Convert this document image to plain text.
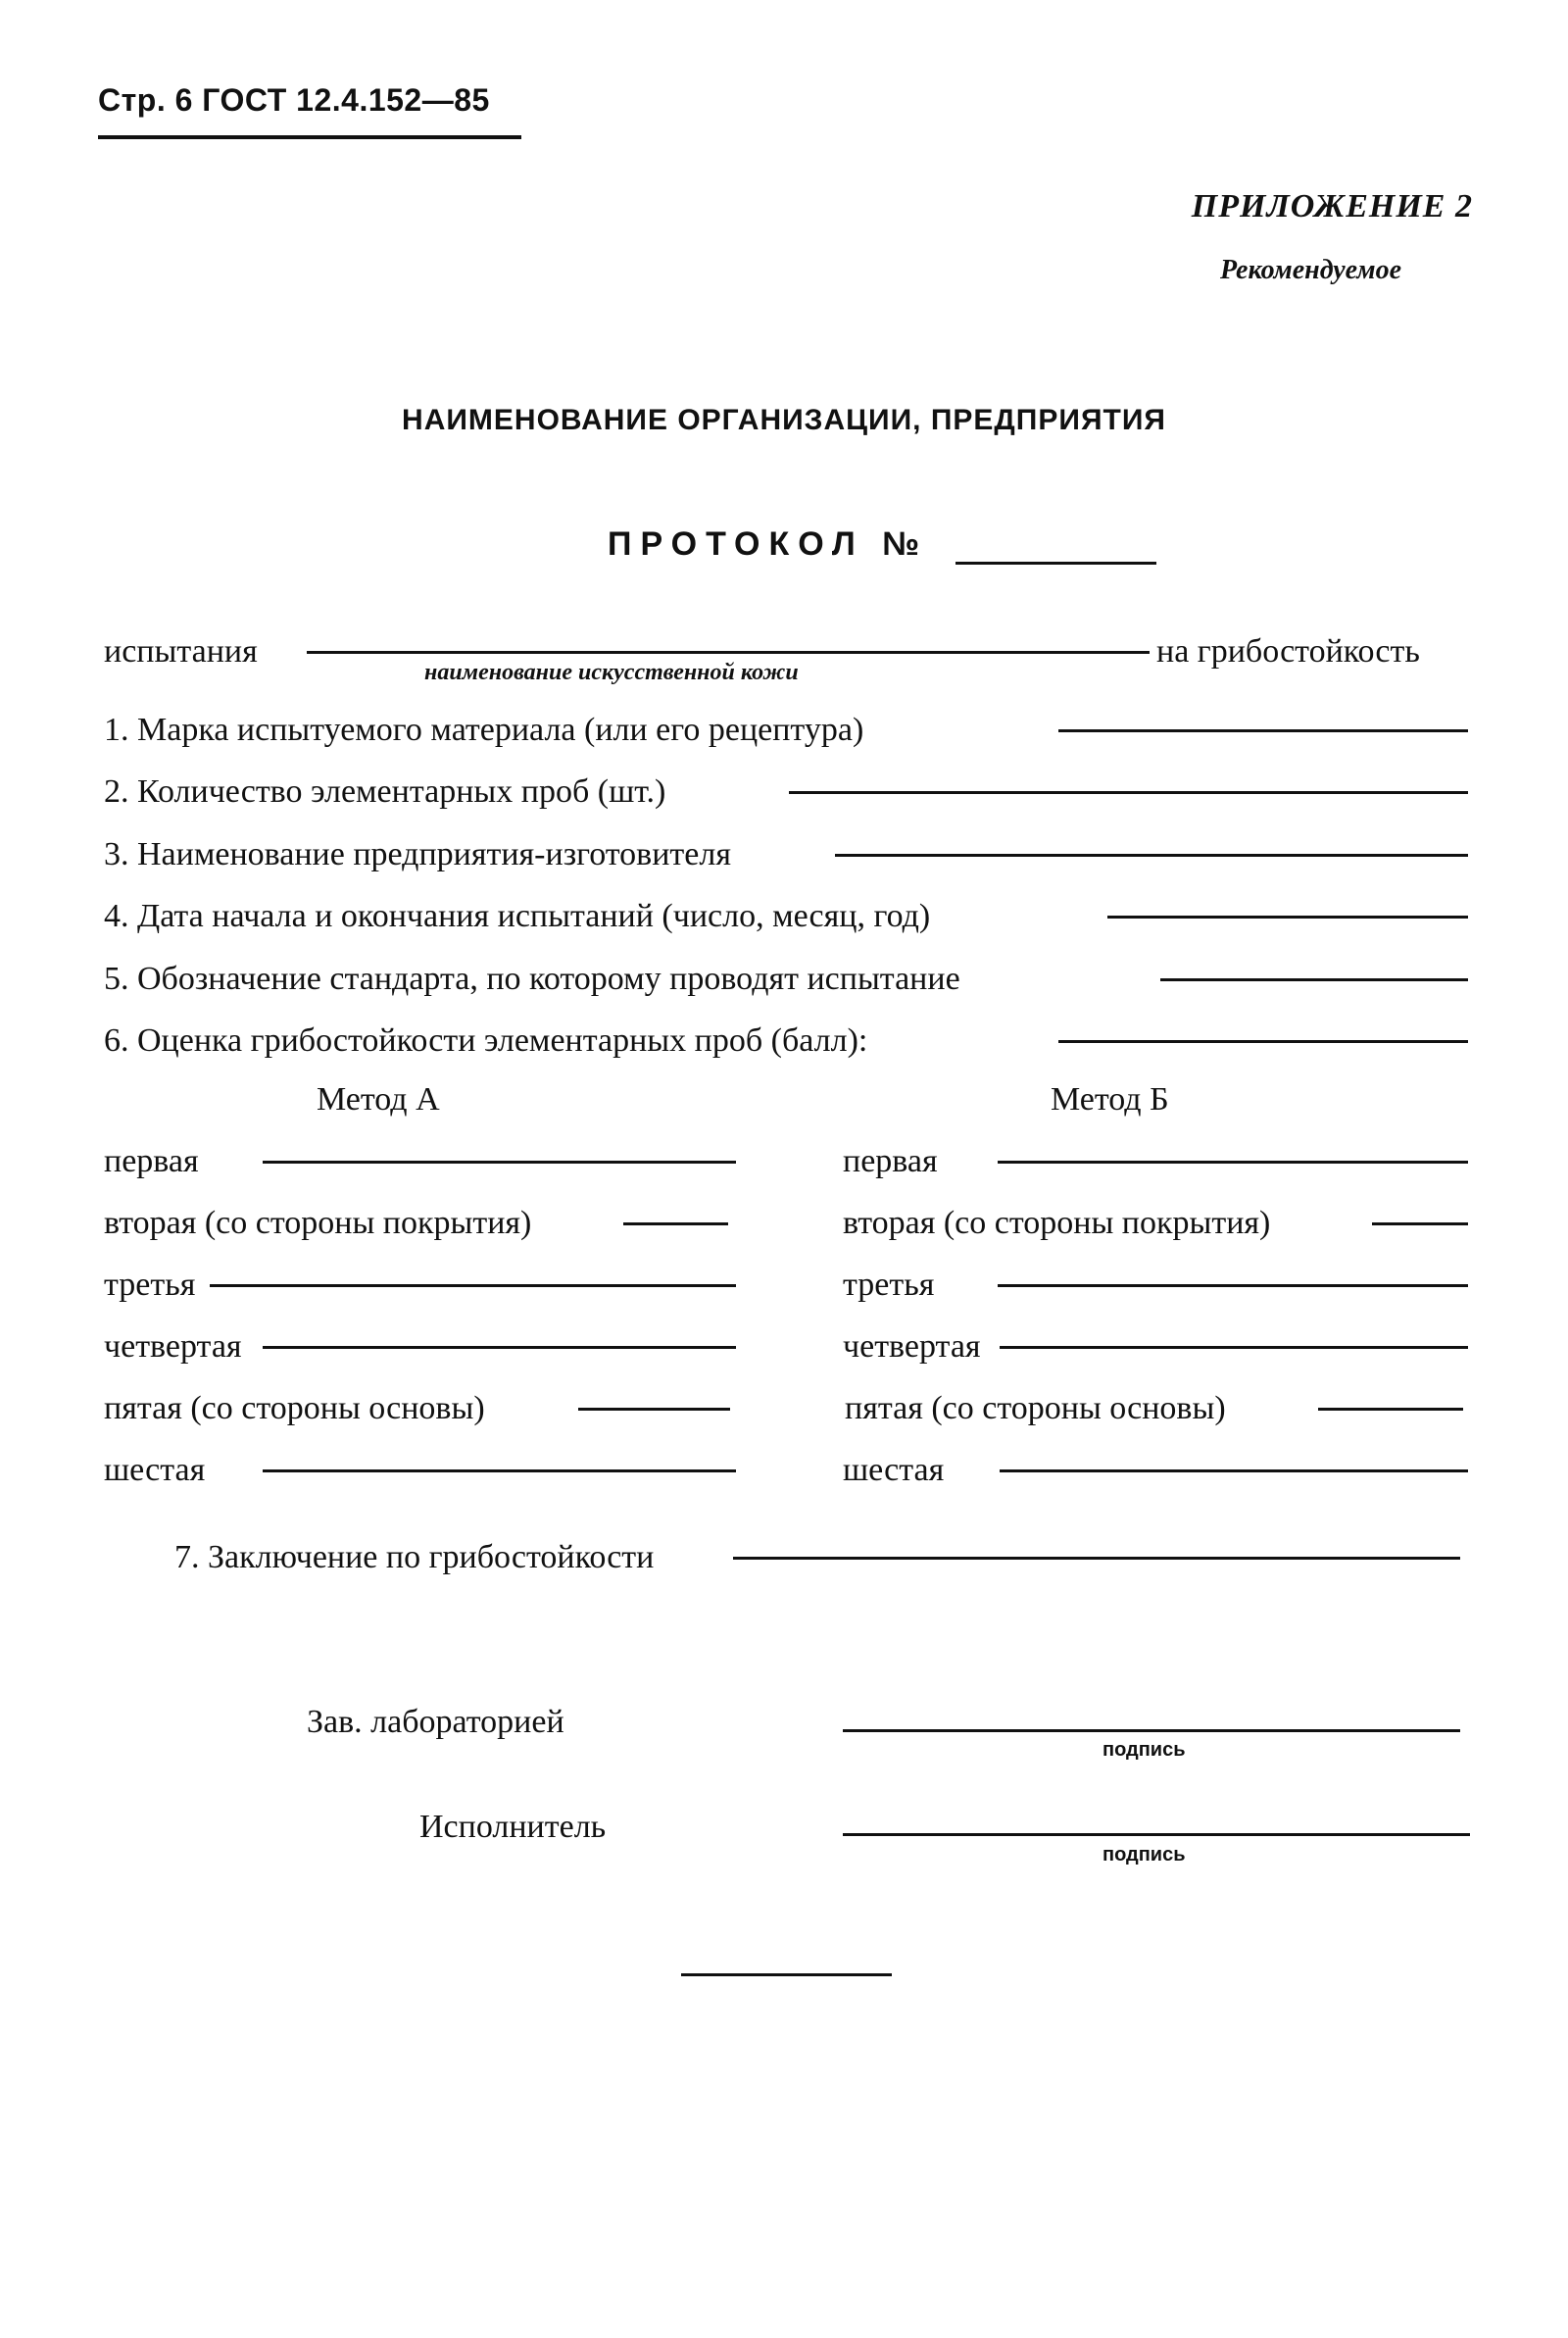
Стр. 6 ГОСТ 12.4.152—85
ПРИЛОЖЕНИЕ 2
Рекомендуемое
НАИМЕНОВАНИЕ ОРГАНИЗАЦИИ, ПРЕДПРИЯТИЯ
ПРОТОКОЛ №
испытания
наименование искусственной кожи
на грибостойкость
1. Марка испытуемого материала (или его рецептура)
2. Количество элементарных проб (шт.)
3. Наименование предприятия-изготовителя
4. Дата начала и окончания испытаний (число, месяц, год)
5. Обозначение стандарта, по которому проводят испытание
6. Оценка грибостойкости элементарных проб (балл):
Метод А	Метод Б
первая
вторая (со стороны покрытия)
третья
четвертая
пятая (со стороны основы)
шестая
первая
вторая (со стороны покрытия)
третья
четвертая
пятая (со стороны основы)
шестая
7. Заключение по грибостойкости
Зав. лабораторией
подпись
Исполнитель
подпись
